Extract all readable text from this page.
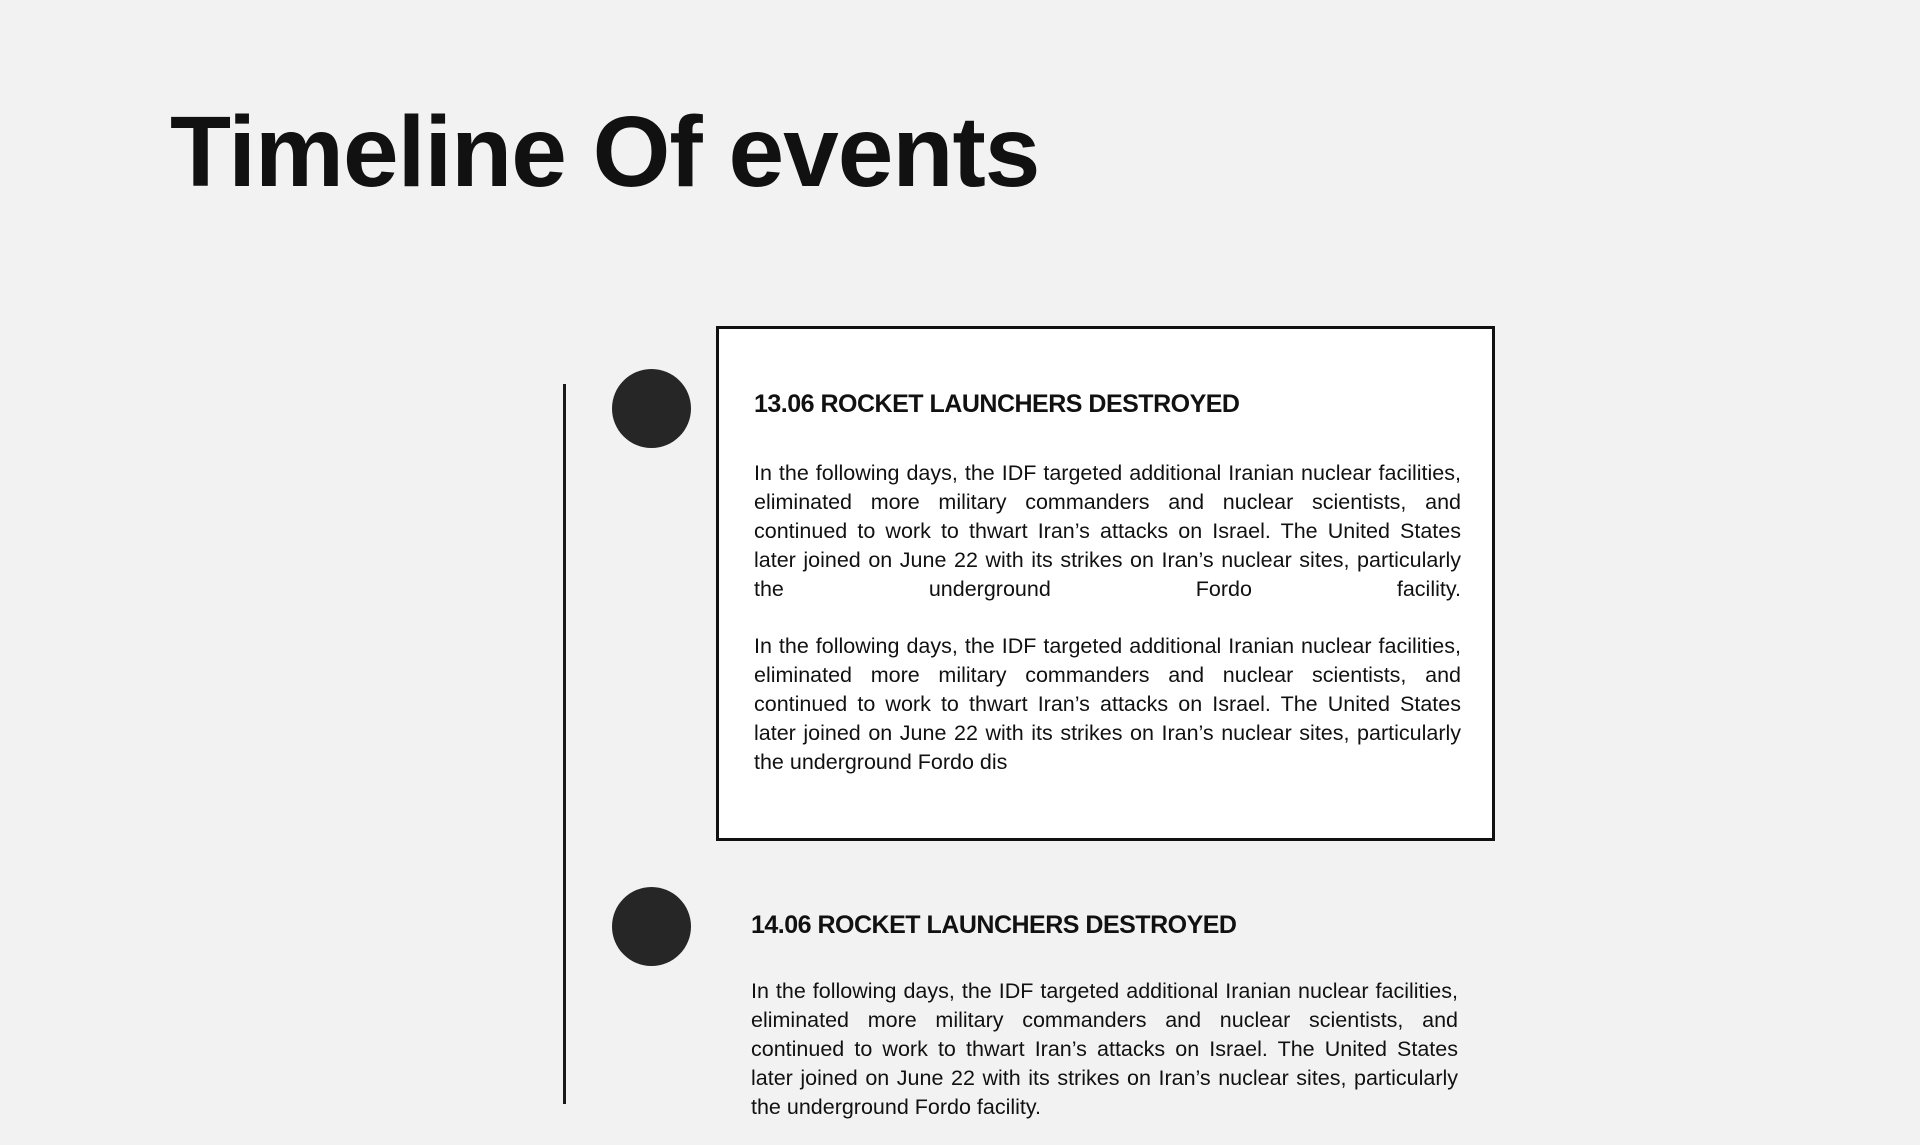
Timeline Of events
13.06 ROCKET LAUNCHERS DESTROYED

In the following days, the IDF targeted additional Iranian nuclear facilities, eliminated more military commanders and nuclear scientists, and continued to work to thwart Iran’s attacks on Israel. The United States later joined on June 22 with its strikes on Iran’s nuclear sites, particularly the underground Fordo facility.

In the following days, the IDF targeted additional Iranian nuclear facilities, eliminated more military commanders and nuclear scientists, and continued to work to thwart Iran’s attacks on Israel. The United States later joined on June 22 with its strikes on Iran’s nuclear sites, particularly the underground Fordo dis

14.06 ROCKET LAUNCHERS DESTROYED

In the following days, the IDF targeted additional Iranian nuclear facilities, eliminated more military commanders and nuclear scientists, and continued to work to thwart Iran’s attacks on Israel. The United States later joined on June 22 with its strikes on Iran’s nuclear sites, particularly the underground Fordo facility.
